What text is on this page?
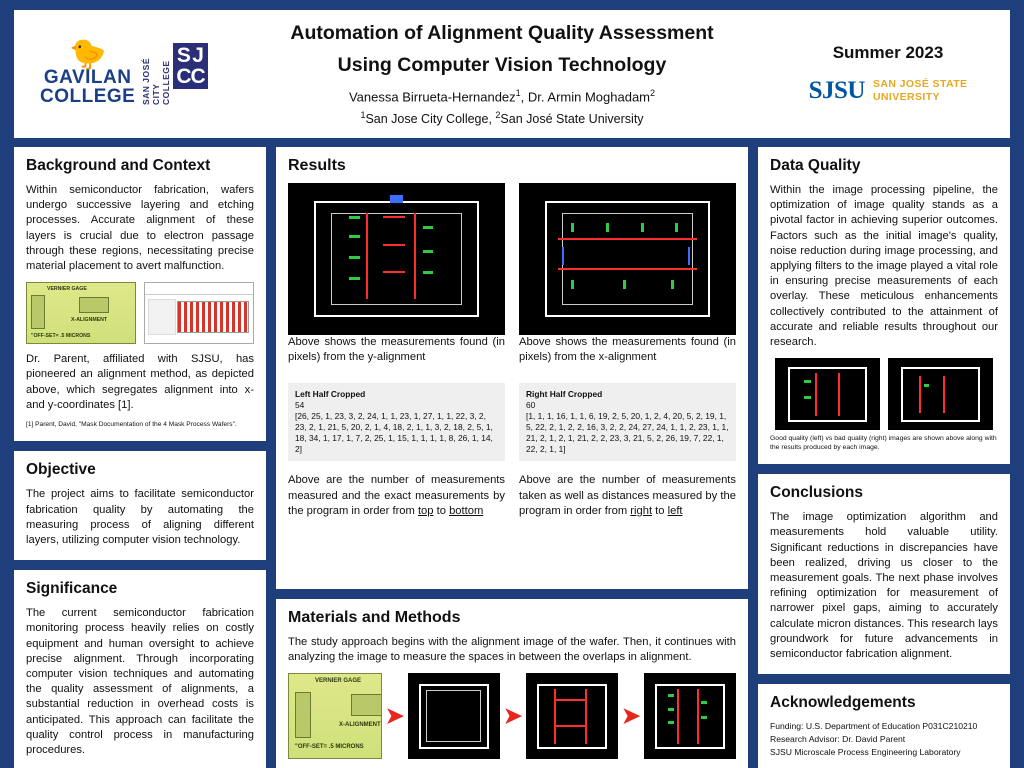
🐤
GAVILAN
COLLEGE SAN JOSÉ CITY COLLEGE
S J
C C
Automation of Alignment Quality Assessment
Using Computer Vision Technology
Vanessa Birrueta-Hernandez$^1$, Dr. Armin Moghadam$^2$
$^1$San Jose City College, $^2$San José State University
Summer 2023
SJSU SAN JOSÉ STATE
UNIVERSITY
Background and Context

Within semiconductor fabrication, wafers undergo successive layering and etching processes. Accurate alignment of these layers is crucial due to electron passage through these regions, necessitating precise material placement to avert malfunction.

VERNIER GAGE
X-ALIGNMENT
"OFF-SET= .5 MICRONS

Dr. Parent, affiliated with SJSU, has pioneered an alignment method, as depicted above, which segregates alignment into x- and y-coordinates [1].

[1] Parent, David, "Mask Documentation of the 4 Mask Process Wafers".
Objective

The project aims to facilitate semiconductor fabrication quality by automating the measuring process of aligning different layers, utilizing computer vision technology.

Significance

The current semiconductor fabrication monitoring process heavily relies on costly equipment and human oversight to achieve precise alignment. Through incorporating computer vision techniques and automating the quality assessment of alignments, a substantial reduction in overhead costs is anticipated. This approach can facilitate the quality control process in manufacturing procedures.

Results

Above shows the measurements found (in pixels) from the y-alignment

Above shows the measurements found (in pixels) from the x-alignment

Left Half Cropped
54
[26, 25, 1, 23, 3, 2, 24, 1, 1, 23, 1, 27, 1, 1, 22, 3, 2, 23, 2, 1, 21, 5, 20, 2, 1, 4, 18, 2, 1, 1, 3, 2, 18, 2, 5, 1, 18, 34, 1, 17, 1, 7, 2, 25, 1, 15, 1, 1, 1, 1, 8, 26, 1, 14, 2]
Right Half Cropped
60
[1, 1, 1, 16, 1, 1, 6, 19, 2, 5, 20, 1, 2, 4, 20, 5, 2, 19, 1, 5, 22, 2, 1, 2, 2, 16, 3, 2, 2, 24, 27, 24, 1, 1, 2, 23, 1, 1, 21, 2, 1, 2, 1, 21, 2, 2, 23, 3, 21, 5, 2, 26, 19, 7, 22, 1, 22, 2, 1, 1]

Above are the number of measurements measured and the exact measurements by the program in order from top to bottom

Above are the number of measurements taken as well as distances measured by the program in order from right to left

Materials and Methods

The study approach begins with the alignment image of the wafer. Then, it continues with analyzing the image to measure the spaces in between the overlaps in alignment.

VERNIER GAGE
X-ALIGNMENT
"OFF-SET= .5 MICRONS
➤	➤	➤
Data Quality

Within the image processing pipeline, the optimization of image quality stands as a pivotal factor in achieving superior outcomes. Factors such as the initial image's quality, noise reduction during image processing, and applying filters to the image played a vital role in ensuring precise measurements of each overlay. These meticulous enhancements collectively contributed to the attainment of accurate and reliable results throughout our research.

Good quality (left) vs bad quality (right) images are shown above along with the results produced by each image.
Conclusions

The image optimization algorithm and measurements hold valuable utility. Significant reductions in discrepancies have been realized, driving us closer to the measurement goals. The next phase involves refining optimization for measurement of narrower pixel gaps, aiming to accurately calculate micron distances. This research lays groundwork for future advancements in semiconductor fabrication alignment.

Acknowledgements
Funding: U.S. Department of Education P031C210210
Research Advisor: Dr. David Parent
SJSU Microscale Process Engineering Laboratory
